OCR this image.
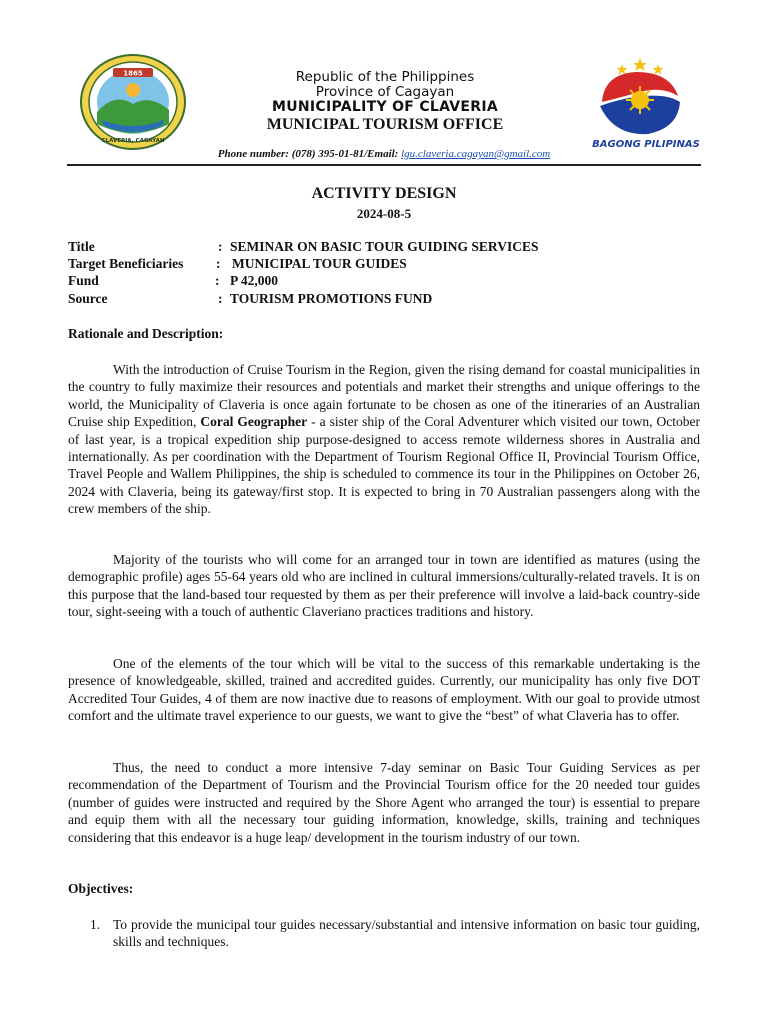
1865
CLAVERIA, CAGAYAN
Republic of the Philippines
Province of Cagayan
MUNICIPALITY OF CLAVERIA
MUNICIPAL TOURISM OFFICE
BAGONG PILIPINAS
Phone number: (078) 395-01-81/Email: lgu.claveria.cagayan@gmail.com
ACTIVITY DESIGN
2024-08-5
Title	: SEMINAR ON BASIC TOUR GUIDING SERVICES
Target Beneficiaries : MUNICIPAL TOUR GUIDES
Fund	: P 42,000
Source	: TOURISM PROMOTIONS FUND
Rationale and Description:

With the introduction of Cruise Tourism in the Region, given the rising demand for coastal municipalities in the country to fully maximize their resources and potentials and market their strengths and unique offerings to the world, the Municipality of Claveria is once again fortunate to be chosen as one of the itineraries of an Australian Cruise ship Expedition, Coral Geographer - a sister ship of the Coral Adventurer which visited our town, October of last year, is a tropical expedition ship purpose-designed to access remote wilderness shores in Australia and internationally. As per coordination with the Department of Tourism Regional Office II, Provincial Tourism Office, Travel People and Wallem Philippines, the ship is scheduled to commence its tour in the Philippines on October 26, 2024 with Claveria, being its gateway/first stop. It is expected to bring in 70 Australian passengers along with the crew members of the ship.

Majority of the tourists who will come for an arranged tour in town are identified as matures (using the demographic profile) ages 55-64 years old who are inclined in cultural immersions/culturally-related travels. It is on this purpose that the land-based tour requested by them as per their preference will involve a laid-back country-side tour, sight-seeing with a touch of authentic Claveriano practices traditions and history.

One of the elements of the tour which will be vital to the success of this remarkable undertaking is the presence of knowledgeable, skilled, trained and accredited guides. Currently, our municipality has only five DOT Accredited Tour Guides, 4 of them are now inactive due to reasons of employment. With our goal to provide utmost comfort and the ultimate travel experience to our guests, we want to give the “best” of what Claveria has to offer.

Thus, the need to conduct a more intensive 7-day seminar on Basic Tour Guiding Services as per recommendation of the Department of Tourism and the Provincial Tourism office for the 20 needed tour guides (number of guides were instructed and required by the Shore Agent who arranged the tour) is essential to prepare and equip them with all the necessary tour guiding information, knowledge, skills, training and techniques considering that this endeavor is a huge leap/ development in the tourism industry of our town.

Objectives:
1. To provide the municipal tour guides necessary/substantial and intensive information on basic tour guiding, skills and techniques.
